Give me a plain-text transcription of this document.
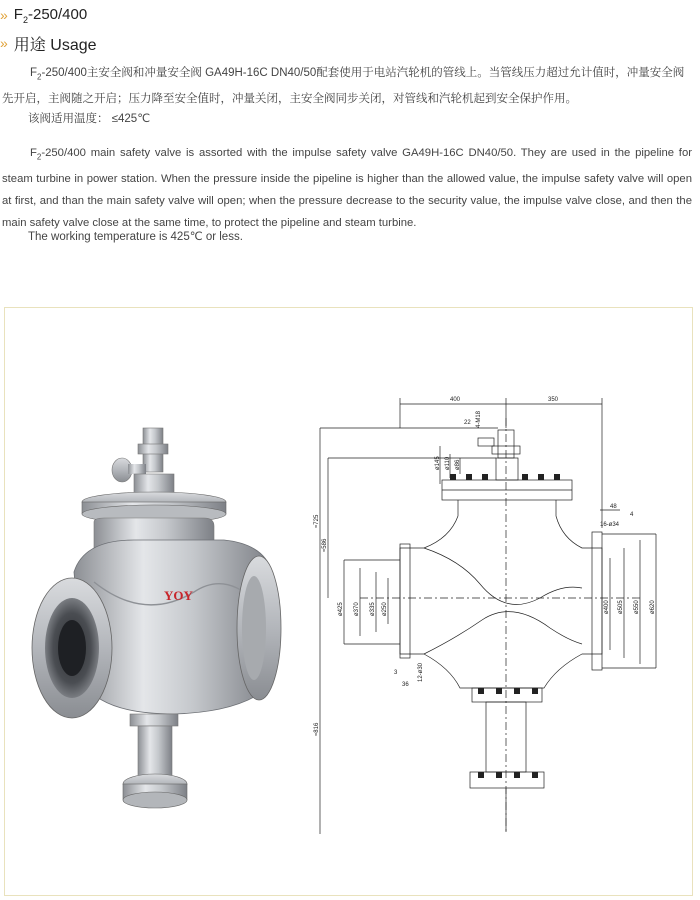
» $F_2-250/400$
» 用途 Usage
$F_2-250/400$主安全阀和冲量安全阀 GA49H-16C DN40/50配套使用于电站汽轮机的管线上。当管线压力超过允计值时，冲量安全阀先开启，主阀随之开启；压力降至安全值时，冲量关闭，主安全阀同步关闭，对管线和汽轮机起到安全保护作用。
该阀适用温度： ≤425℃
$F_2-250/400$ main safety valve is assorted with the impulse safety valve GA49H-16C DN40/50. They are used in the pipeline for steam turbine in power station. When the pressure inside the pipeline is higher than the allowed value, the impulse safety valve will open at first, and than the main safety valve will open; when the pressure decrease to the security value, the impulse valve close, and then the main safety valve close at the same time, to protect the pipeline and steam turbine.
The working temperature is 425℃ or less.
YOY
400	350
22 4-M18
ø145 ø110 ø86
≈725
≈586
≈816
ø425 ø370 ø335 ø250
48
4
16-ø34
ø400 ø505 ø550 ø620
3
36
12-ø30
